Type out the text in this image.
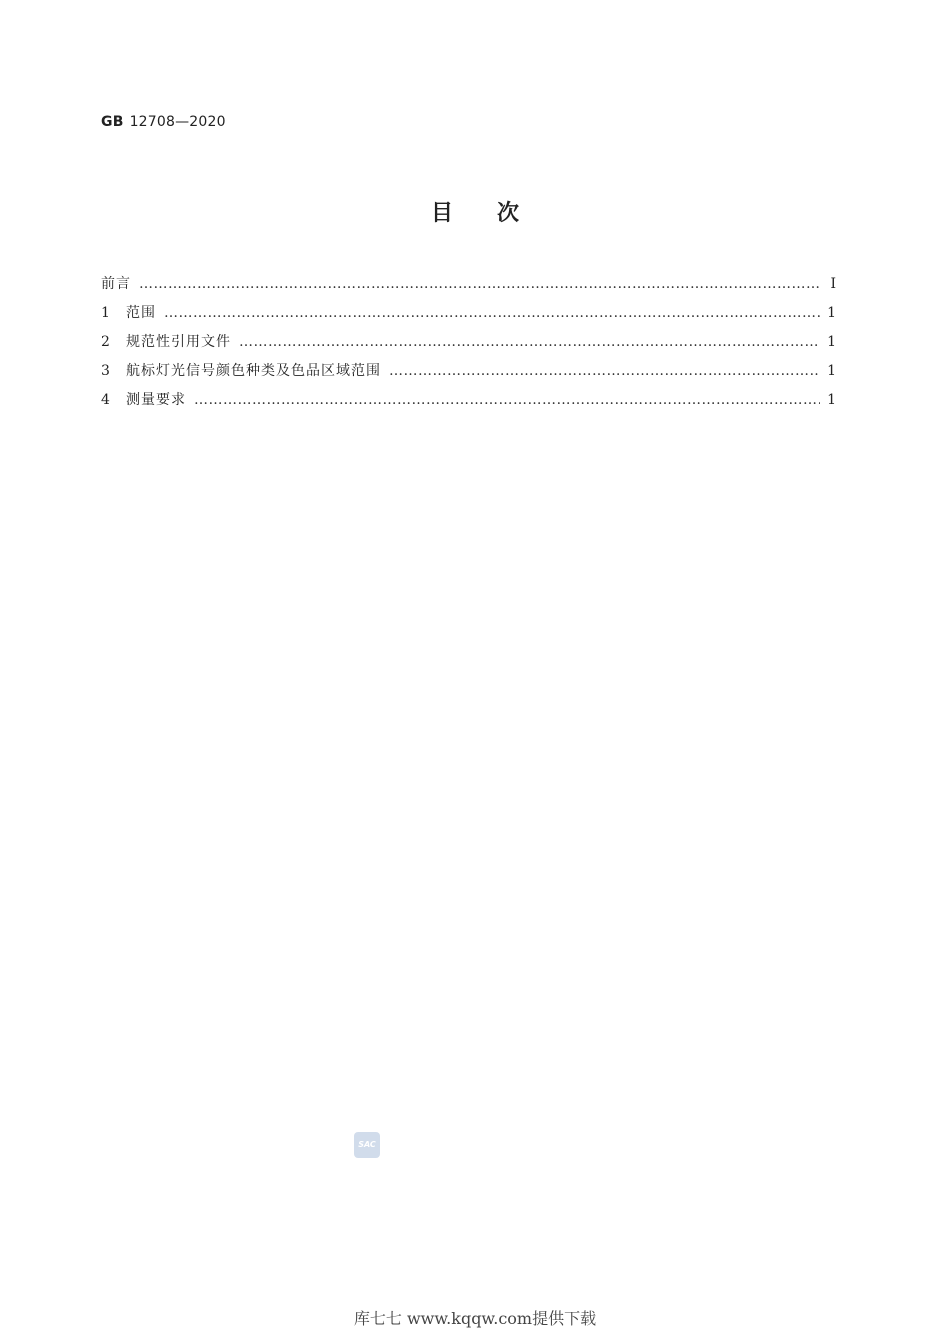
GB 12708—2020
目 次
前言 ………………………………………………………………………………………………………………………………………………………………………………………………………………	Ⅰ
1	范围 ………………………………………………………………………………………………………………………………………………………………………………………………………………	1
2	规范性引用文件 ………………………………………………………………………………………………………………………………………………………………………………………………………………	1
3	航标灯光信号颜色种类及色品区域范围 ………………………………………………………………………………………………………………………………………………………………………………………………………………	1
4	测量要求 ………………………………………………………………………………………………………………………………………………………………………………………………………………	1
SAC
库七七 www.kqqw.com提供下载
